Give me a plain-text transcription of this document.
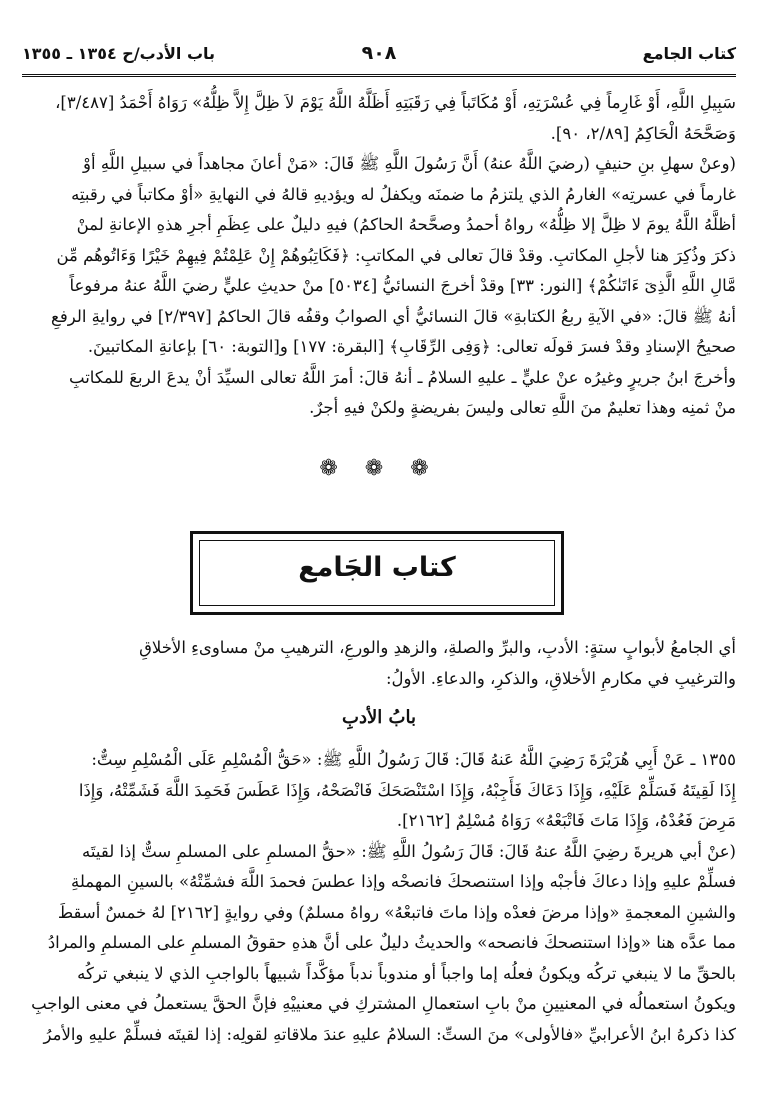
كتاب الجامع
٩٠٨
باب الأدب/ح ١٣٥٤ ـ ١٣٥٥

سَبِيلِ اللَّهِ، أَوْ غَارِماً فِي عُسْرَتِهِ، أَوْ مُكَاتَباً فِي رَقَبَتِهِ أَظَلَّهُ اللَّهُ يَوْمَ لاَ ظِلَّ إِلاَّ ظِلُّهُ» رَوَاهُ أَحْمَدُ [٣/٤٨٧]،

وَصَحَّحَهُ الْحَاكِمُ [٢/٨٩، ٩٠].

(وعنْ سهلِ بنِ حنيفٍ (رضيَ اللَّهُ عنهُ) أَنَّ رَسُولَ اللَّهِ ﷺ قَالَ: «مَنْ أعانَ مجاهداً في سبيلِ اللَّهِ أوْ

غارماً في عسرتِه» الغارمُ الذي يلتزمُ ما ضمنَه ويكفلُ له ويؤديهِ قالهُ في النهايةِ «أوْ مكاتباً في رقبتِه

أظلَّهُ اللَّهُ يومَ لا ظِلَّ إلا ظِلُّهُ» رواهُ أحمدُ وصحَّحهُ الحاكمُ) فيهِ دليلٌ على عِظَمِ أجرِ هذهِ الإعانةِ لمنْ

ذكرَ وذُكِرَ هنا لأجلِ المكاتبِ. وقدْ قالَ تعالى في المكاتبِ: ﴿فَكَاتِبُوهُمْ إِنْ عَلِمْتُمْ فِيهِمْ خَيْرًا وَءَاتُوهُم مِّن

مَّالِ اللَّهِ الَّذِىٓ ءَاتَىٰكُمْ﴾ [النور: ٣٣] وقدْ أخرجَ النسائيُّ [٥٠٣٤] منْ حديثِ عليٍّ رضيَ اللَّهُ عنهُ مرفوعاً

أنهُ ﷺ قالَ: «في الآيةِ ربعُ الكتابةِ» قالَ النسائيُّ أي الصوابُ وقفُه قالَ الحاكمُ [٢/٣٩٧] في روايةِ الرفعِ

صحيحُ الإسنادِ وقدْ فسرَ قولَه تعالى: ﴿وَفِى الرِّقَابِ﴾ [البقرة: ١٧٧] و[التوبة: ٦٠] بإعانةِ المكاتبينَ.

وأخرجَ ابنُ جريرٍ وغيرُه عنْ عليٍّ ـ عليهِ السلامُ ـ أنهُ قالَ: أمرَ اللَّهُ تعالى السيِّدَ أنْ يدعَ الربعَ للمكاتبِ

منْ ثمنِه وهذا تعليمٌ منَ اللَّهِ تعالى وليسَ بفريضةٍ ولكنْ فيهِ أجرٌ.

❁ ❁ ❁
كتاب الجَامع

أي الجامعُ لأبوابٍ ستةٍ: الأدبِ، والبرِّ والصلةِ، والزهدِ والورعِ، الترهيبِ منْ مساوىءِ الأخلاقِ

والترغيبِ في مكارمِ الأخلاقِ، والذكرِ، والدعاءِ. الأولُ:

بابُ الأدبِ

١٣٥٥ ـ عَنْ أَبِي هُرَيْرَةَ رَضِيَ اللَّهُ عَنهُ قَالَ: قَالَ رَسُولُ اللَّهِ ﷺ: «حَقُّ الْمُسْلِمِ عَلَى الْمُسْلِمِ سِتٌّ:

إِذَا لَقِيتَهُ فَسَلِّمْ عَلَيْهِ، وَإِذَا دَعَاكَ فَأَجِبْهُ، وَإِذَا اسْتَنْصَحَكَ فَانْصَحْهُ، وَإِذَا عَطَسَ فَحَمِدَ اللَّهَ فَشَمِّتْهُ، وَإِذَا

مَرِضَ فَعُدْهُ، وَإِذَا مَاتَ فَاتْبَعْهُ» رَوَاهُ مُسْلِمٌ [٢١٦٢].

(عنْ أبي هريرةَ رضِيَ اللَّهُ عنهُ قَالَ: قَالَ رَسُولُ اللَّهِ ﷺ: «حقُّ المسلمِ على المسلمِ ستٌّ إذا لقيتَه

فسلِّمْ عليهِ وإذا دعاكَ فأجبْه وإذا استنصحكَ فانصحْه وإذا عطسَ فحمدَ اللَّهَ فشمِّتْهُ» بالسينِ المهملةِ

والشينِ المعجمةِ «وإذا مرضَ فعدْه وإذا ماتَ فاتبعْهُ» رواهُ مسلمٌ) وفي روايةٍ [٢١٦٢] لهُ خمسٌ أسقطَ

مما عدَّه هنا «وإذا استنصحكَ فانصحه» والحديثُ دليلٌ على أنَّ هذهِ حقوقُ المسلمِ على المسلمِ والمرادُ

بالحقِّ ما لا ينبغي تركُه ويكونُ فعلُه إما واجباً أو مندوباً ندباً مؤكَّداً شبيهاً بالواجبِ الذي لا ينبغي تركُه

ويكونُ استعمالُه في المعنيينِ منْ بابِ استعمالِ المشتركِ في معنييْهِ فإنَّ الحقَّ يستعملُ في معنى الواجبِ

كذا ذكرهُ ابنُ الأعرابيِّ «فالأولى» منَ الستِّ: السلامُ عليهِ عندَ ملاقاتهِ لقولِه: إذا لقيتَه فسلِّمْ عليهِ والأمرُ
